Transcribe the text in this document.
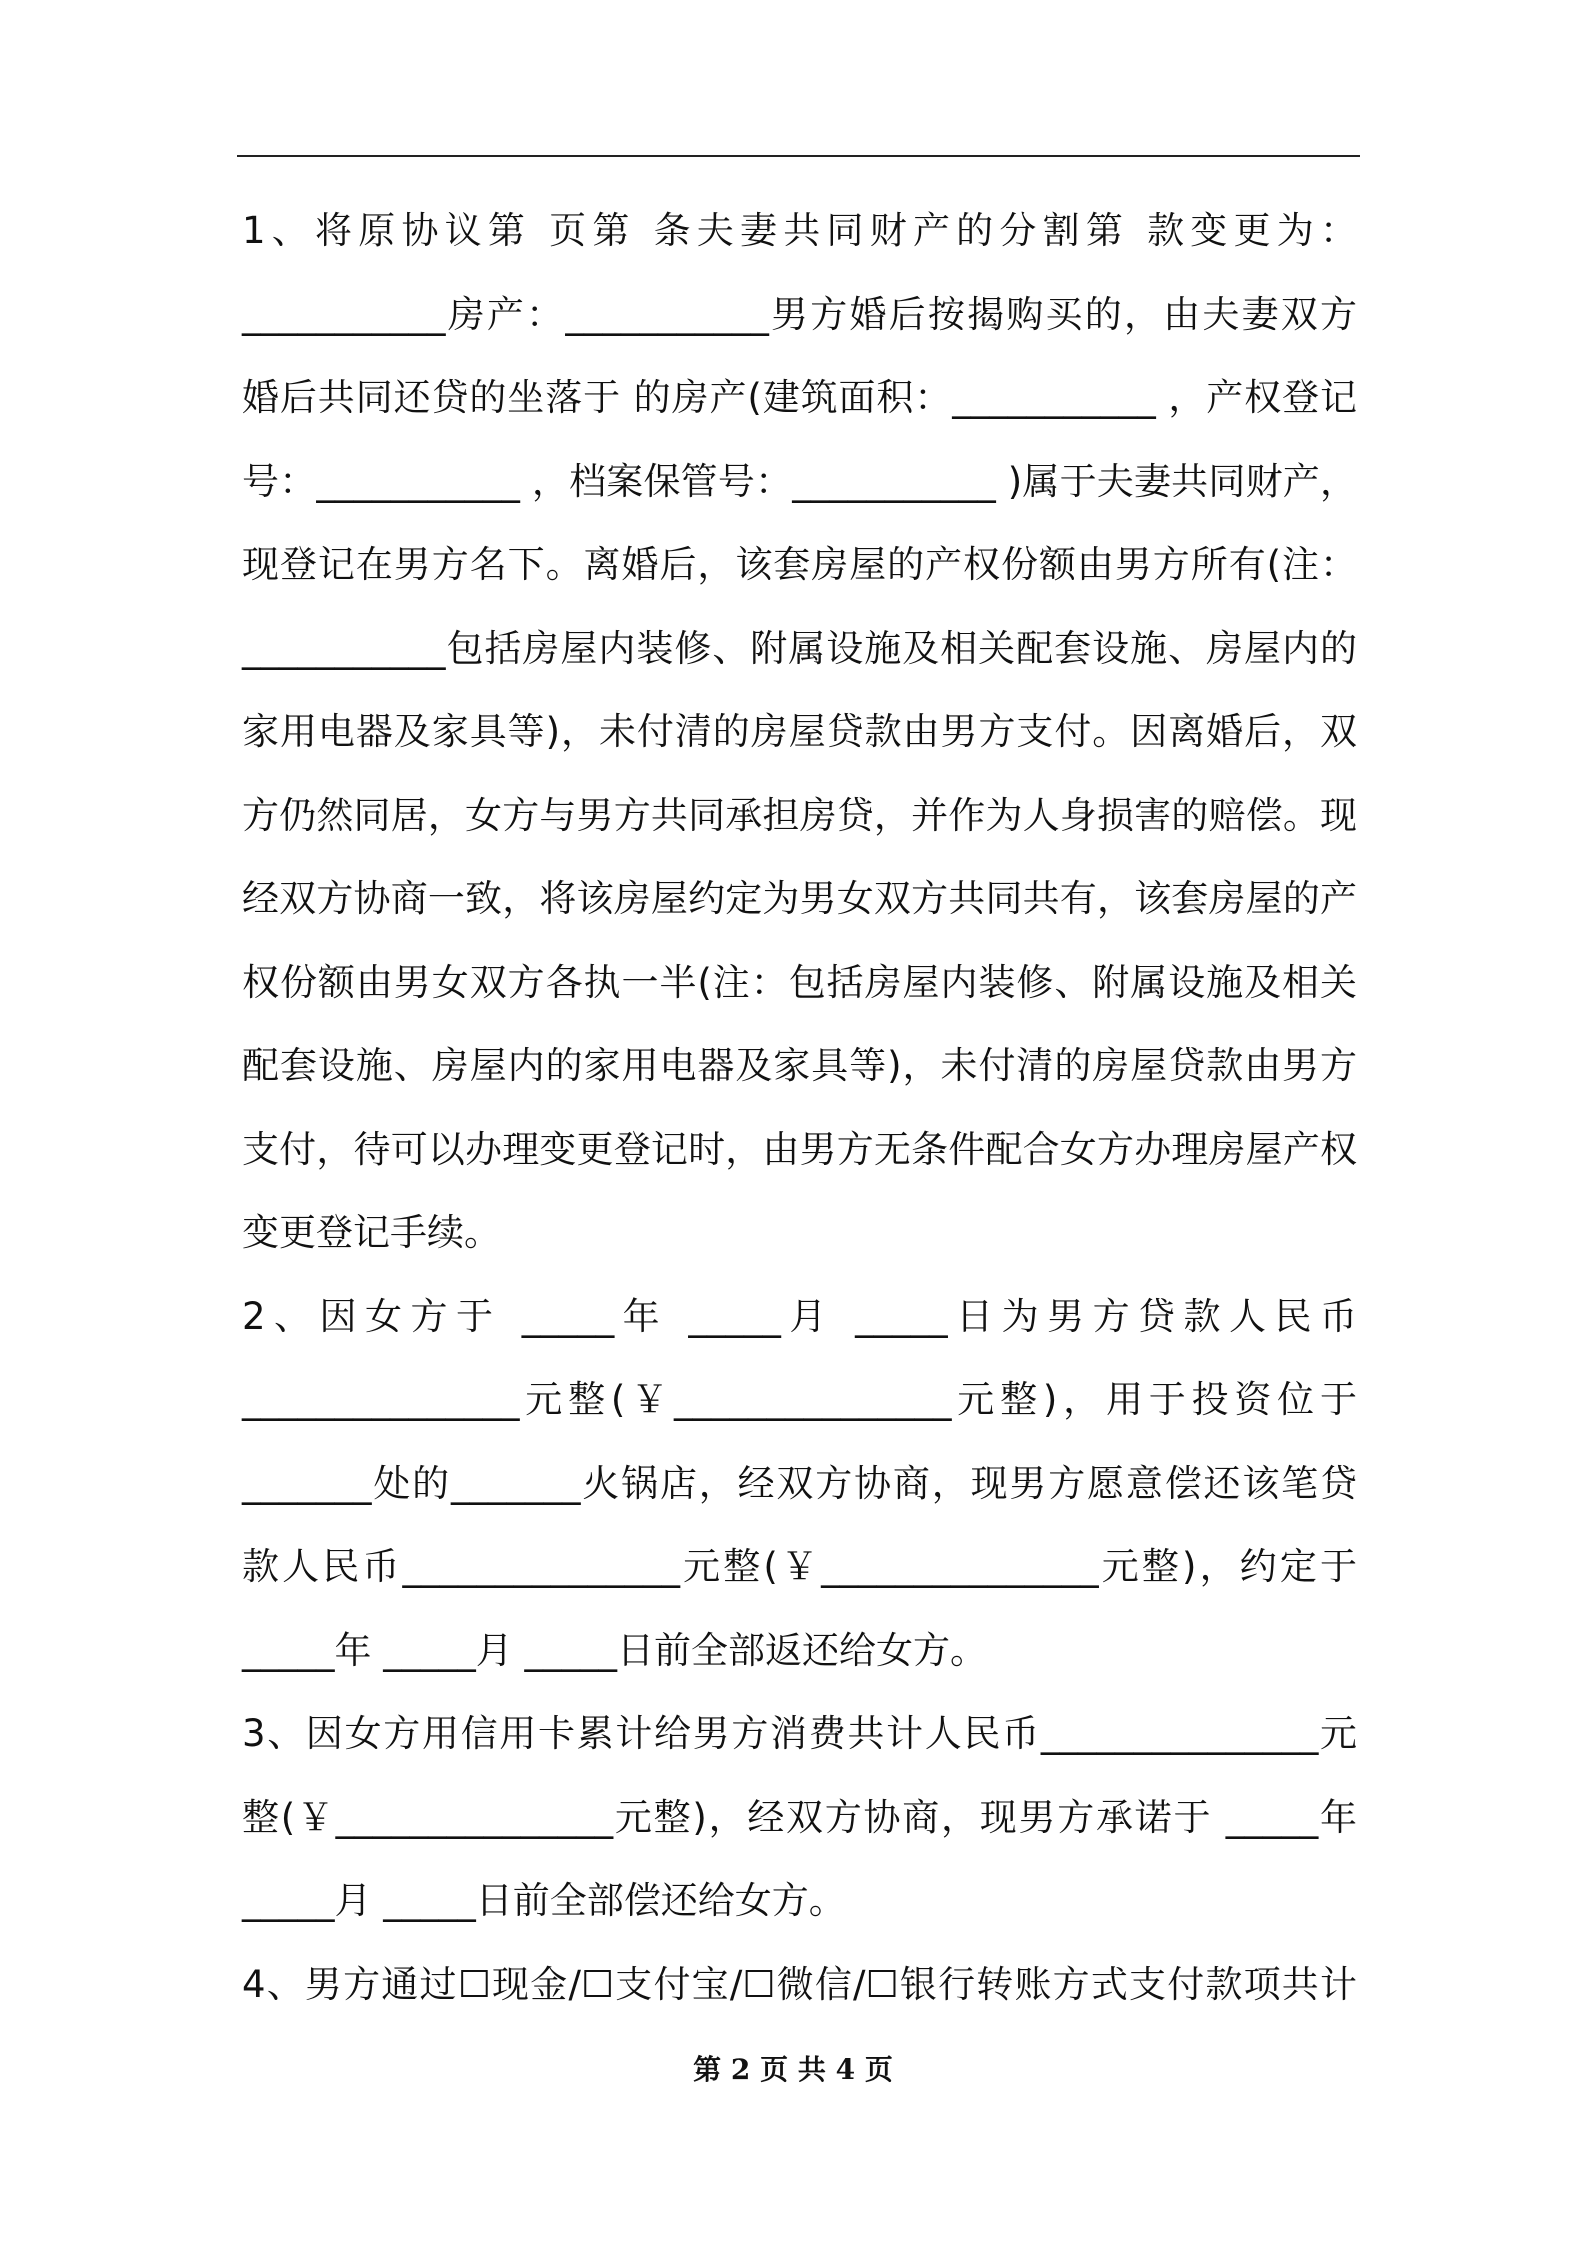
1、将原协议第 页第 条夫妻共同财产的分割第 款变更为：
___________房产：___________男方婚后按揭购买的，由夫妻双方
婚后共同还贷的坐落于 的房产(建筑面积：___________ ，产权登记
号：___________ ，档案保管号：___________ )属于夫妻共同财产，
现登记在男方名下。离婚后，该套房屋的产权份额由男方所有(注：
___________包括房屋内装修、附属设施及相关配套设施、房屋内的
家用电器及家具等)，未付清的房屋贷款由男方支付。因离婚后，双
方仍然同居，女方与男方共同承担房贷，并作为人身损害的赔偿。现
经双方协商一致，将该房屋约定为男女双方共同共有，该套房屋的产
权份额由男女双方各执一半(注：包括房屋内装修、附属设施及相关
配套设施、房屋内的家用电器及家具等)，未付清的房屋贷款由男方
支付，待可以办理变更登记时，由男方无条件配合女方办理房屋产权
变更登记手续。
2、因女方于 _____年 _____月 _____日为男方贷款人民币
_______________元整(￥_______________元整)，用于投资位于
_______处的_______火锅店，经双方协商，现男方愿意偿还该笔贷
款人民币_______________元整(￥_______________元整)，约定于
_____年 _____月 _____日前全部返还给女方。
3、因女方用信用卡累计给男方消费共计人民币_______________元
整(￥_______________元整)，经双方协商，现男方承诺于 _____年
_____月 _____日前全部偿还给女方。
4、男方通过☐现金/☐支付宝/☐微信/☐银行转账方式支付款项共计
第 2 页 共 4 页
